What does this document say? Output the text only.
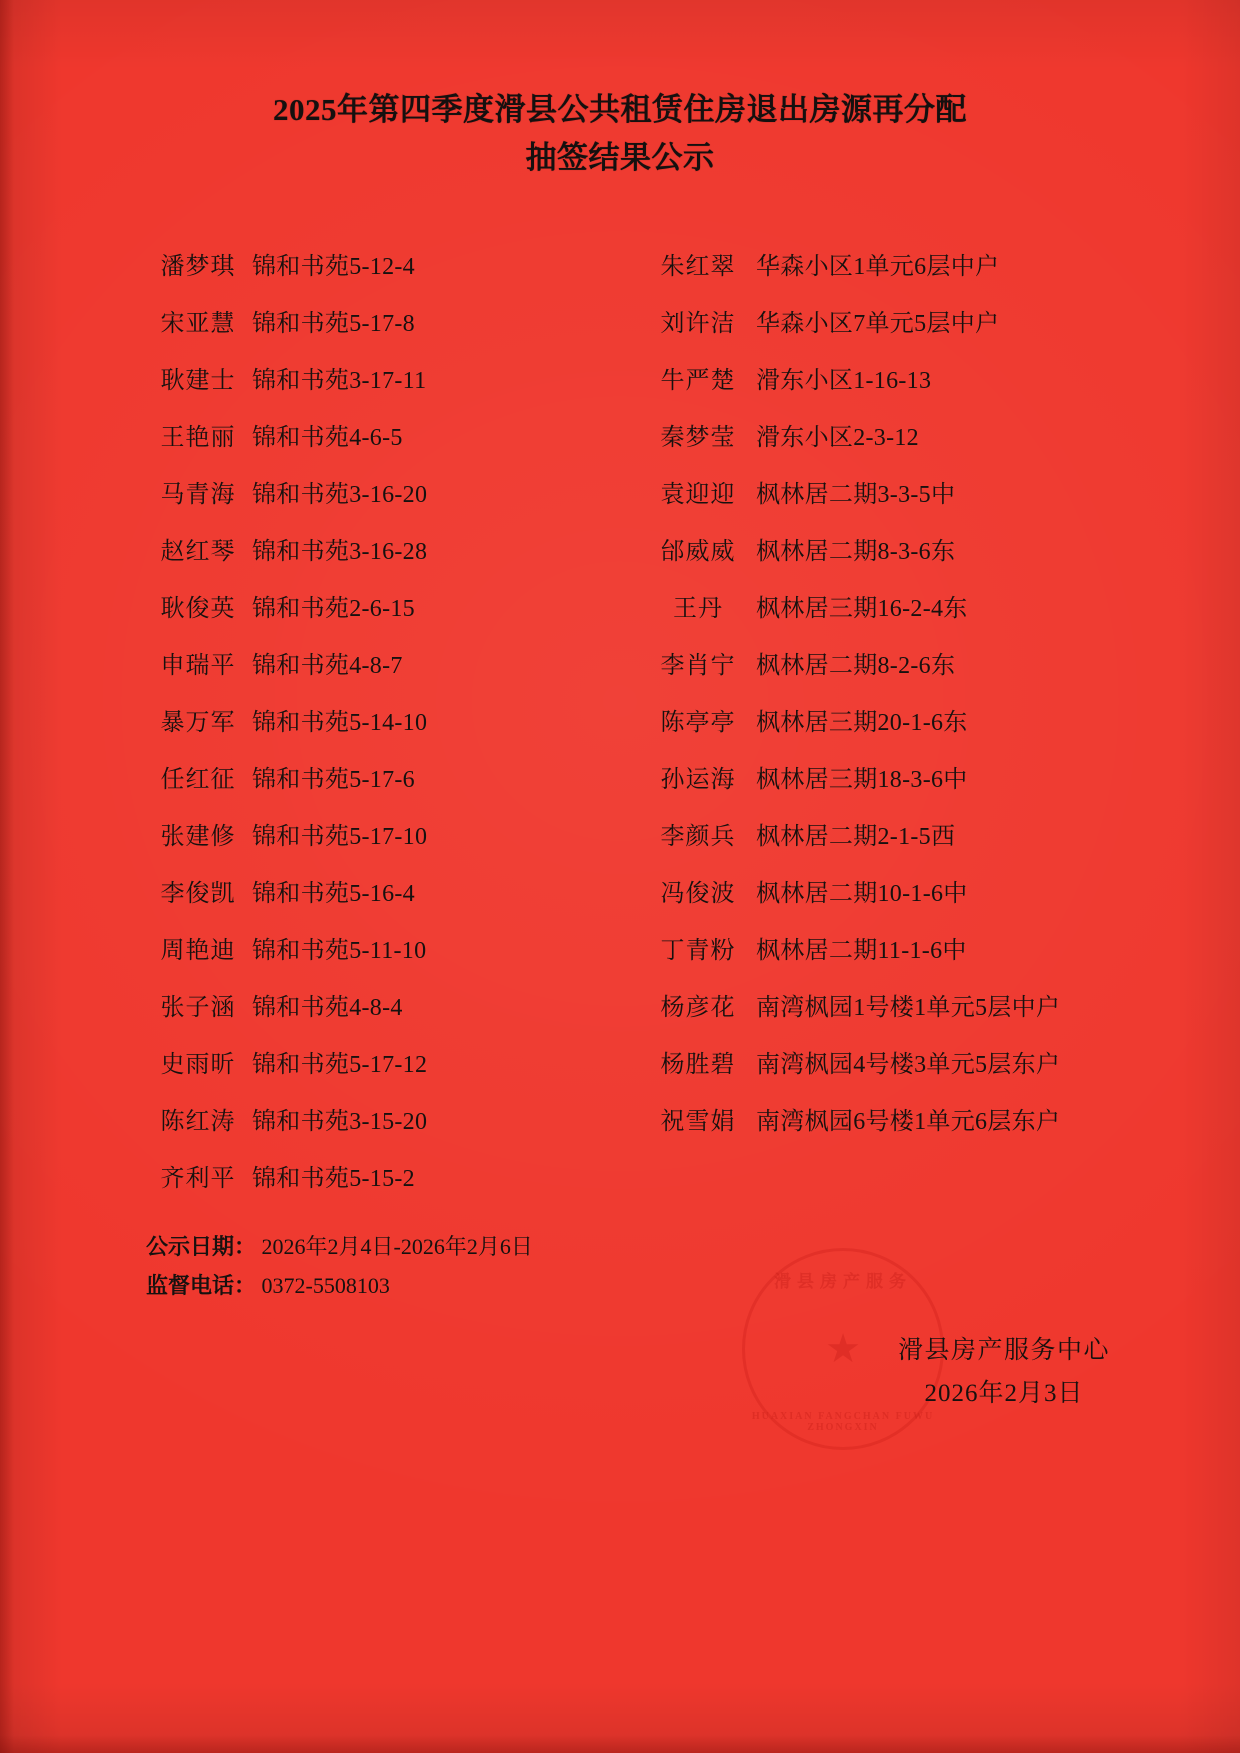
2025年第四季度滑县公共租赁住房退出房源再分配
抽签结果公示
潘梦琪 锦和书苑5-12-4
宋亚慧 锦和书苑5-17-8
耿建士 锦和书苑3-17-11
王艳丽 锦和书苑4-6-5
马青海 锦和书苑3-16-20
赵红琴 锦和书苑3-16-28
耿俊英 锦和书苑2-6-15
申瑞平 锦和书苑4-8-7
暴万军 锦和书苑5-14-10
任红征 锦和书苑5-17-6
张建修 锦和书苑5-17-10
李俊凯 锦和书苑5-16-4
周艳迪 锦和书苑5-11-10
张子涵 锦和书苑4-8-4
史雨昕 锦和书苑5-17-12
陈红涛 锦和书苑3-15-20
齐利平 锦和书苑5-15-2
朱红翠 华森小区1单元6层中户
刘许洁 华森小区7单元5层中户
牛严楚 滑东小区1-16-13
秦梦莹 滑东小区2-3-12
袁迎迎 枫林居二期3-3-5中
邰威威 枫林居二期8-3-6东
王丹	枫林居三期16-2-4东
李肖宁 枫林居二期8-2-6东
陈亭亭 枫林居三期20-1-6东
孙运海 枫林居三期18-3-6中
李颜兵 枫林居二期2-1-5西
冯俊波 枫林居二期10-1-6中
丁青粉 枫林居二期11-1-6中
杨彦花 南湾枫园1号楼1单元5层中户
杨胜碧 南湾枫园4号楼3单元5层东户
祝雪娟 南湾枫园6号楼1单元6层东户
公示日期： 2026年2月4日-2026年2月6日
监督电话： 0372-5508103	滑县房产服务
★
HUAXIAN FANGCHAN FUWU ZHONGXIN
滑县房产服务中心
2026年2月3日
